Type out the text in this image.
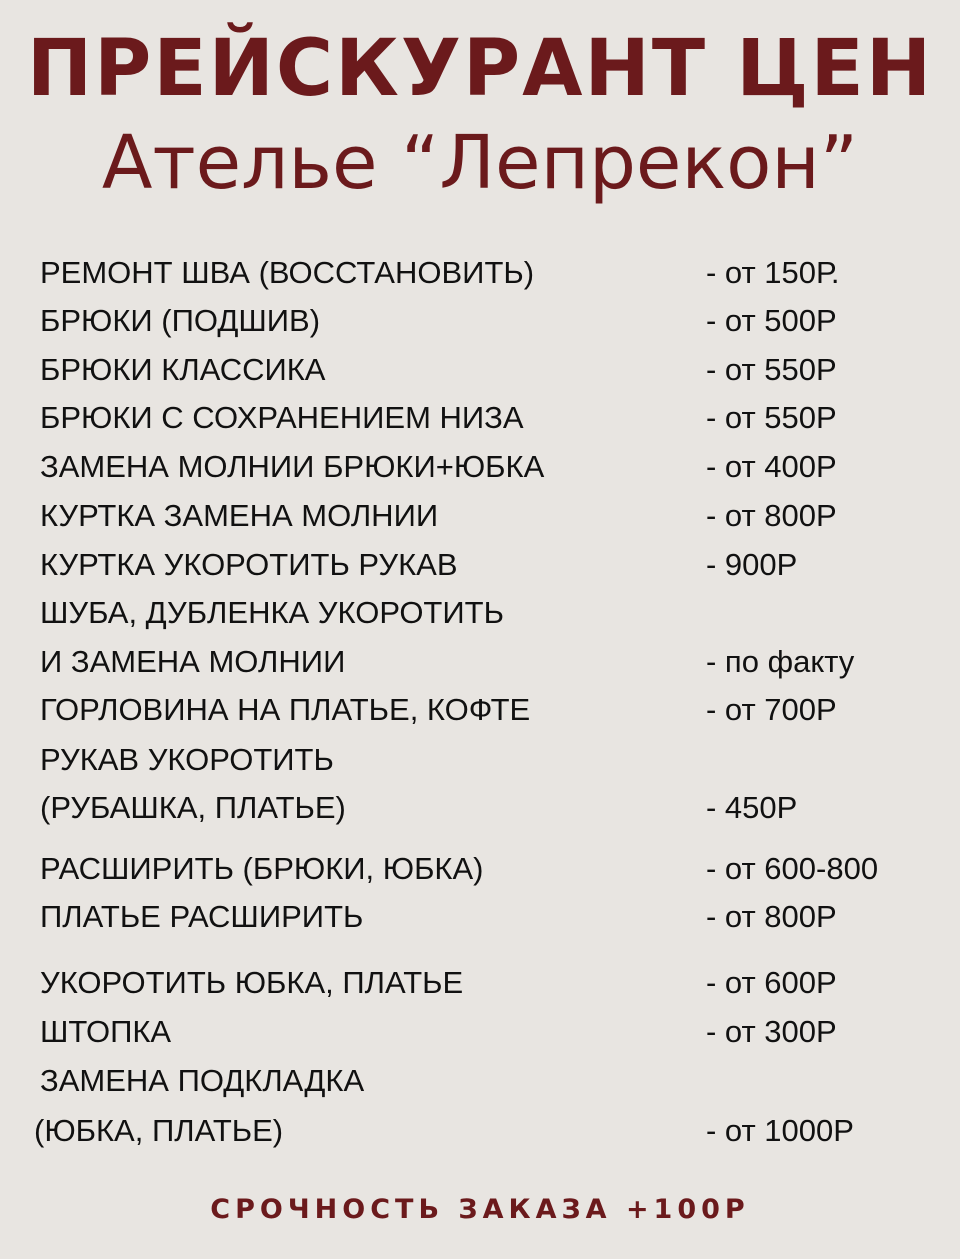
ПРЕЙСКУРАНТ ЦЕН
Ателье “Лепрекон”
РЕМОНТ ШВА (ВОССТАНОВИТЬ)	- от 150Р.
БРЮКИ (ПОДШИВ)	- от 500Р
БРЮКИ КЛАССИКА	- от 550Р
БРЮКИ С СОХРАНЕНИЕМ НИЗА	- от 550Р
ЗАМЕНА МОЛНИИ БРЮКИ+ЮБКА	- от 400Р
КУРТКА ЗАМЕНА МОЛНИИ	- от 800Р
КУРТКА УКОРОТИТЬ РУКАВ	- 900Р
ШУБА, ДУБЛЕНКА УКОРОТИТЬ
И ЗАМЕНА МОЛНИИ	- по факту
ГОРЛОВИНА НА ПЛАТЬЕ, КОФТЕ	- от 700Р
РУКАВ УКОРОТИТЬ
(РУБАШКА, ПЛАТЬЕ)	- 450Р
РАСШИРИТЬ (БРЮКИ, ЮБКА)	- от 600-800
ПЛАТЬЕ РАСШИРИТЬ	- от 800Р
УКОРОТИТЬ ЮБКА, ПЛАТЬЕ	- от 600Р
ШТОПКА	- от 300Р
ЗАМЕНА ПОДКЛАДКА
(ЮБКА, ПЛАТЬЕ)	- от 1000Р
СРОЧНОСТЬ ЗАКАЗА +100Р
